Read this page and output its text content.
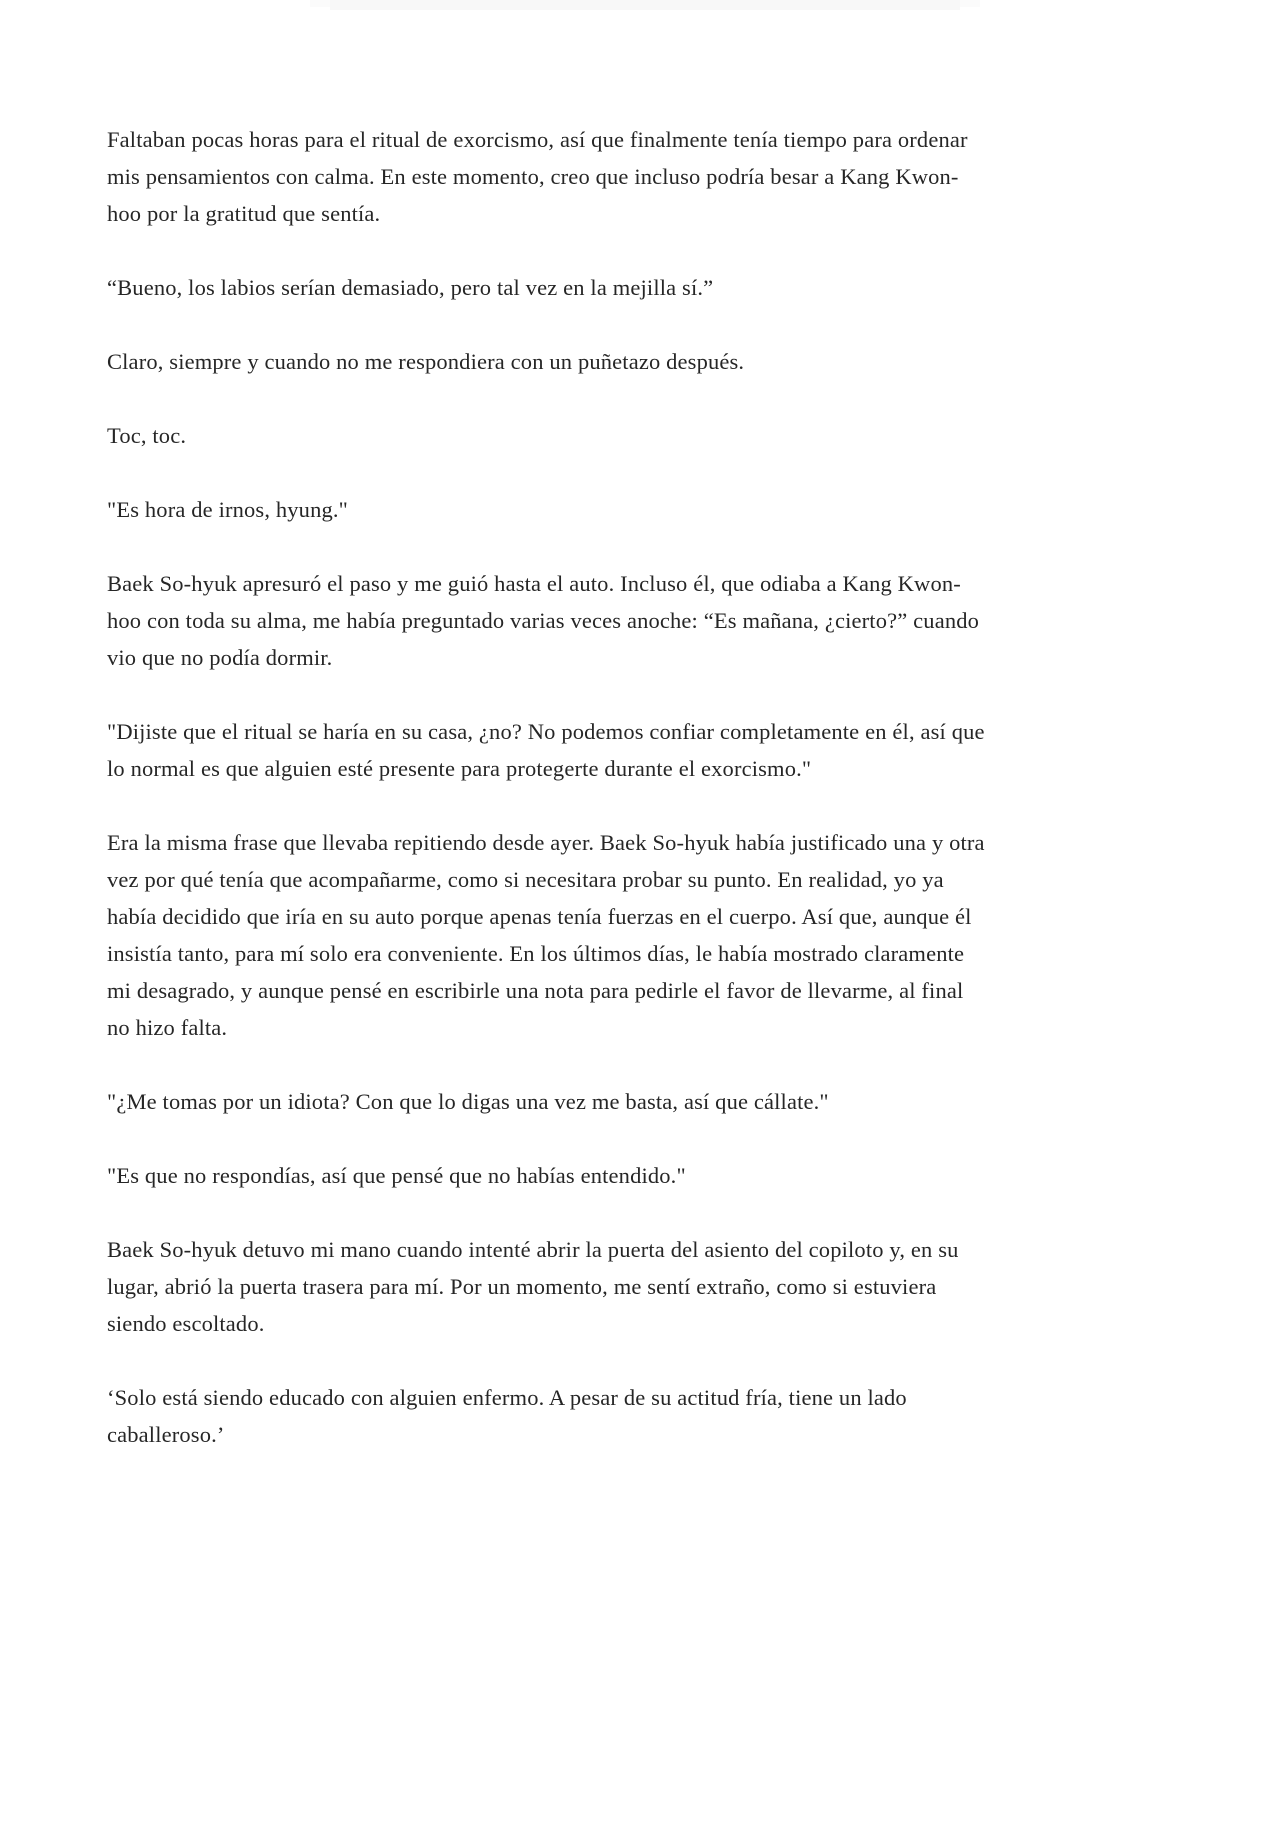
Faltaban pocas horas para el ritual de exorcismo, así que finalmente tenía tiempo para ordenar mis pensamientos con calma. En este momento, creo que incluso podría besar a Kang Kwon-hoo por la gratitud que sentía.

“Bueno, los labios serían demasiado, pero tal vez en la mejilla sí.”

Claro, siempre y cuando no me respondiera con un puñetazo después.

Toc, toc.

"Es hora de irnos, hyung."

Baek So-hyuk apresuró el paso y me guió hasta el auto. Incluso él, que odiaba a Kang Kwon-hoo con toda su alma, me había preguntado varias veces anoche: “Es mañana, ¿cierto?” cuando vio que no podía dormir.

"Dijiste que el ritual se haría en su casa, ¿no? No podemos confiar completamente en él, así que lo normal es que alguien esté presente para protegerte durante el exorcismo."

Era la misma frase que llevaba repitiendo desde ayer. Baek So-hyuk había justificado una y otra vez por qué tenía que acompañarme, como si necesitara probar su punto. En realidad, yo ya había decidido que iría en su auto porque apenas tenía fuerzas en el cuerpo. Así que, aunque él insistía tanto, para mí solo era conveniente. En los últimos días, le había mostrado claramente mi desagrado, y aunque pensé en escribirle una nota para pedirle el favor de llevarme, al final no hizo falta.

"¿Me tomas por un idiota? Con que lo digas una vez me basta, así que cállate."

"Es que no respondías, así que pensé que no habías entendido."

Baek So-hyuk detuvo mi mano cuando intenté abrir la puerta del asiento del copiloto y, en su lugar, abrió la puerta trasera para mí. Por un momento, me sentí extraño, como si estuviera siendo escoltado.

‘Solo está siendo educado con alguien enfermo. A pesar de su actitud fría, tiene un lado caballeroso.’
